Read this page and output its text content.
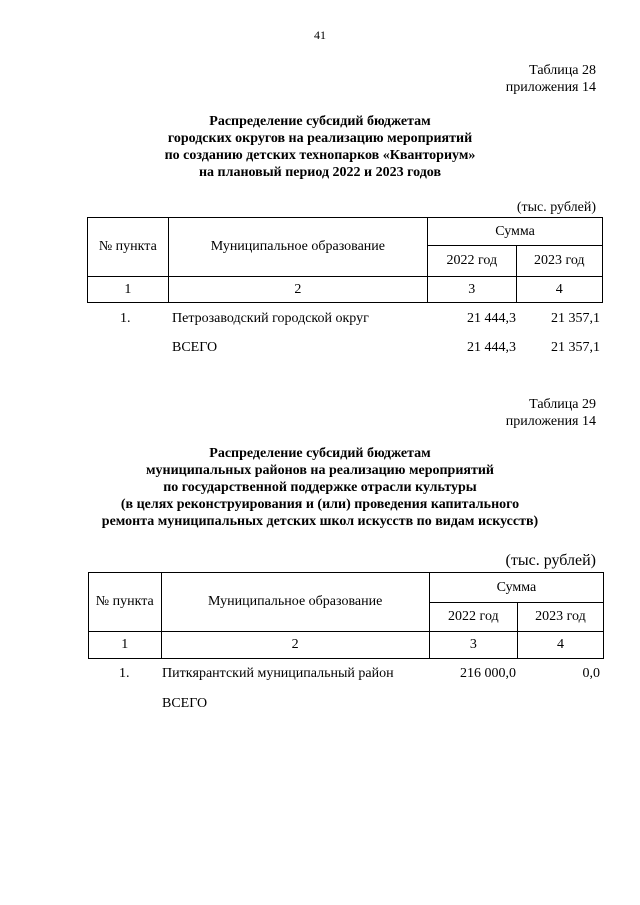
41
Таблица 28
приложения 14
Распределение субсидий бюджетам
городских округов на реализацию мероприятий
по созданию детских технопарков «Кванториум»
на плановый период 2022 и 2023 годов
(тыс. рублей)
№ пункта	Муниципальное образование	Сумма	
		2022 год	2023 год
1	2	3	4
1.	Петрозаводский городской округ	21 444,3	21 357,1
ВСЕГО	21 444,3	21 357,1
Таблица 29
приложения 14
Распределение субсидий бюджетам
муниципальных районов на реализацию мероприятий
по государственной поддержке отрасли культуры
(в целях реконструирования и (или) проведения капитального
ремонта муниципальных детских школ искусств по видам искусств)
(тыс. рублей)
№ пункта	Муниципальное образование	Сумма	
		2022 год	2023 год
1	2	3	4
1. Питкярантский муниципальный район	216 000,0	0,0
ВСЕГО
